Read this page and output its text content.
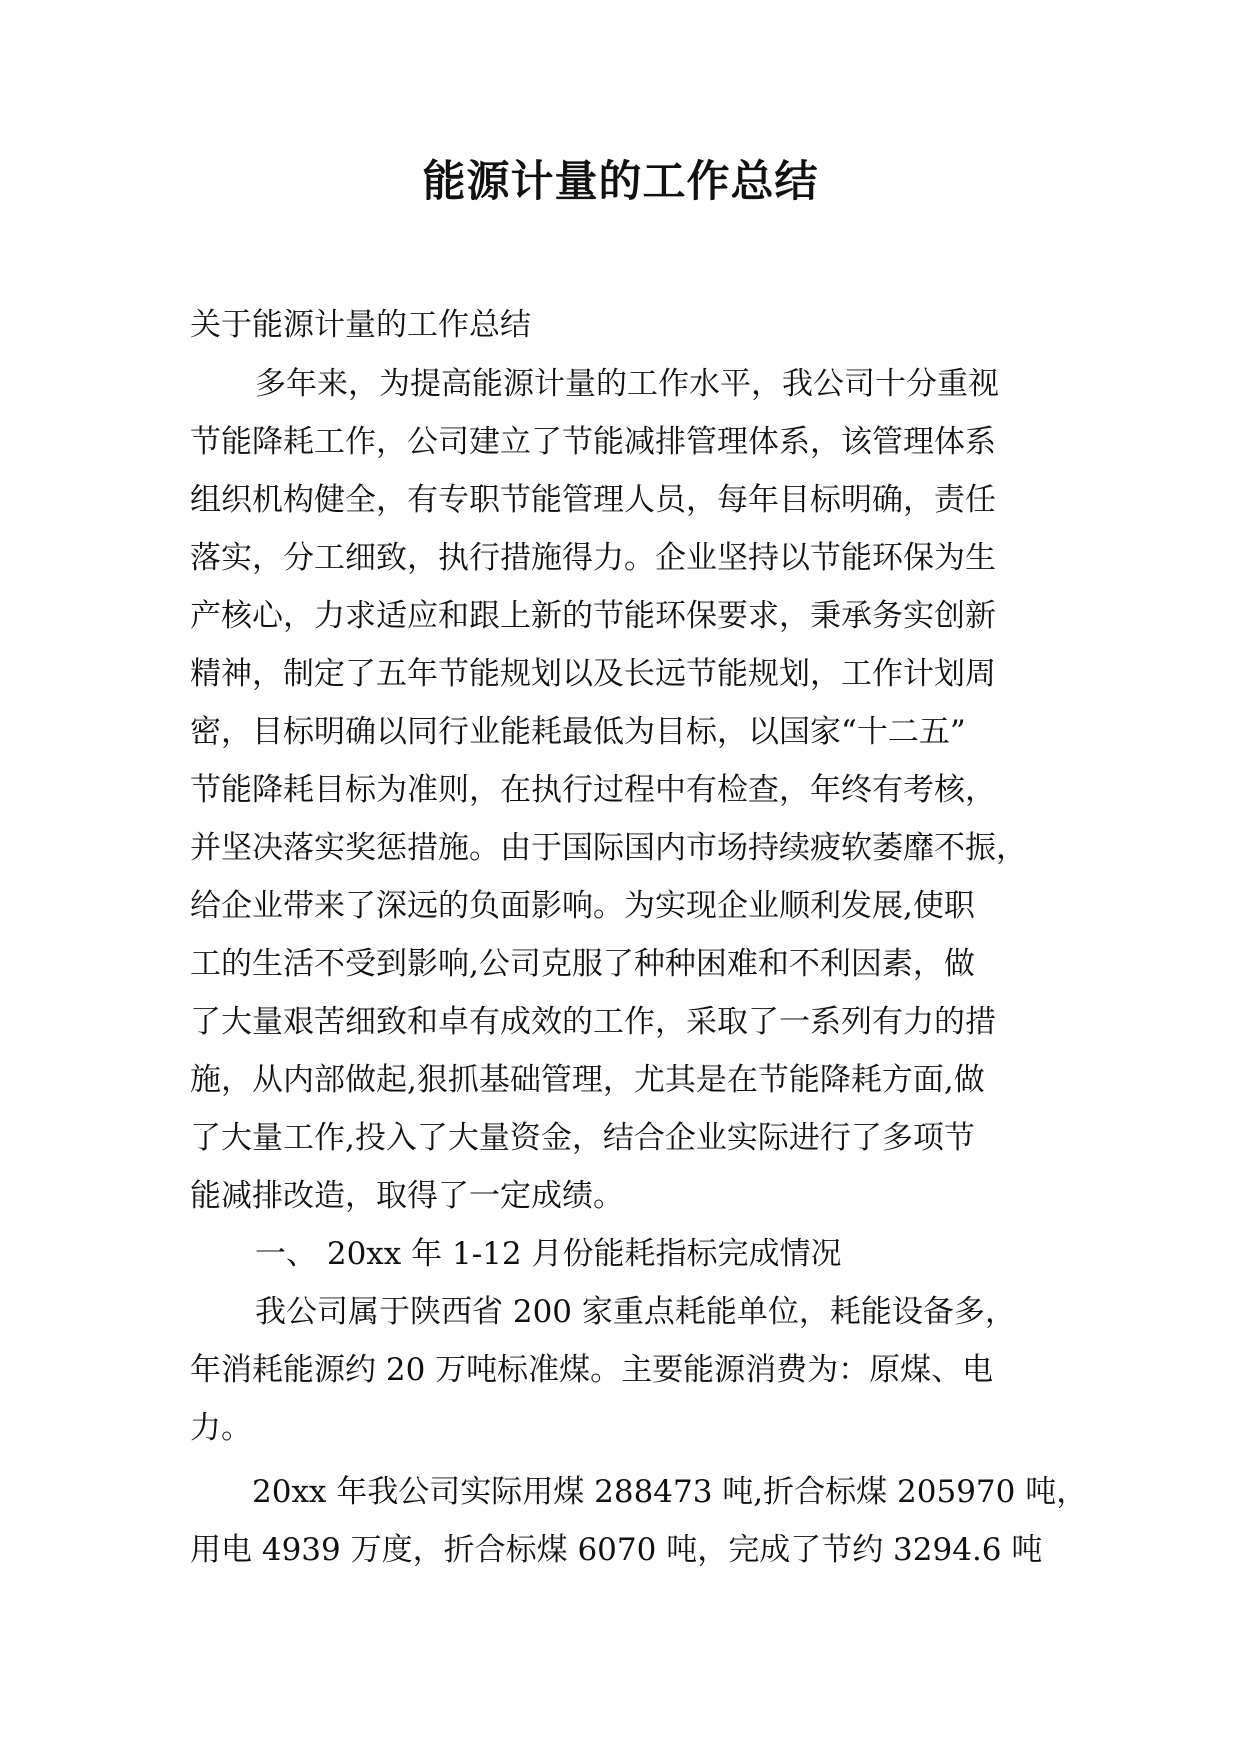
能源计量的工作总结
关于能源计量的工作总结
多年来，为提高能源计量的工作水平，我公司十分重视
节能降耗工作，公司建立了节能减排管理体系，该管理体系
组织机构健全，有专职节能管理人员，每年目标明确，责任
落实，分工细致，执行措施得力。企业坚持以节能环保为生
产核心，力求适应和跟上新的节能环保要求，秉承务实创新
精神，制定了五年节能规划以及长远节能规划，工作计划周
密，目标明确以同行业能耗最低为目标，以国家“十二五”
节能降耗目标为准则，在执行过程中有检查，年终有考核，
并坚决落实奖惩措施。由于国际国内市场持续疲软萎靡不振，
给企业带来了深远的负面影响。为实现企业顺利发展,使职
工的生活不受到影响,公司克服了种种困难和不利因素，做
了大量艰苦细致和卓有成效的工作，采取了一系列有力的措
施，从内部做起,狠抓基础管理，尤其是在节能降耗方面,做
了大量工作,投入了大量资金，结合企业实际进行了多项节
能减排改造，取得了一定成绩。
一、 20xx 年 1-12 月份能耗指标完成情况
我公司属于陕西省 200 家重点耗能单位，耗能设备多，
年消耗能源约 20 万吨标准煤。主要能源消费为：原煤、电
力。
20xx 年我公司实际用煤 288473 吨,折合标煤 205970 吨，
用电 4939 万度，折合标煤 6070 吨，完成了节约 3294.6 吨
